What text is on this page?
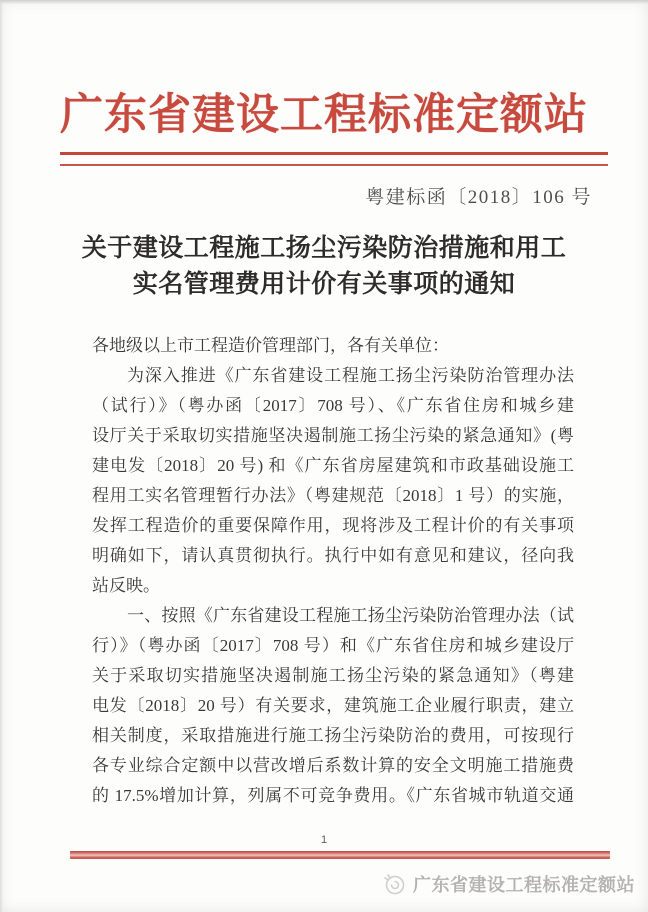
广东省建设工程标准定额站
粤建标函〔2018〕106 号
关于建设工程施工扬尘污染防治措施和用工
实名管理费用计价有关事项的通知
各地级以上市工程造价管理部门，各有关单位：
为深入推进《广东省建设工程施工扬尘污染防治管理办法
（试行）》（粤办函〔2017〕708 号）、《广东省住房和城乡建
设厅关于采取切实措施坚决遏制施工扬尘污染的紧急通知》(粤
建电发〔2018〕20 号) 和《广东省房屋建筑和市政基础设施工
程用工实名管理暂行办法》（粤建规范〔2018〕1 号）的实施，
发挥工程造价的重要保障作用，现将涉及工程计价的有关事项
明确如下，请认真贯彻执行。执行中如有意见和建议，径向我
站反映。
一、按照《广东省建设工程施工扬尘污染防治管理办法（试
行）》（粤办函〔2017〕708 号）和《广东省住房和城乡建设厅
关于采取切实措施坚决遏制施工扬尘污染的紧急通知》（粤建
电发〔2018〕20 号）有关要求，建筑施工企业履行职责，建立
相关制度，采取措施进行施工扬尘污染防治的费用，可按现行
各专业综合定额中以营改增后系数计算的安全文明施工措施费
的 17.5%增加计算，列属不可竞争费用。《广东省城市轨道交通
1
广东省建设工程标准定额站
